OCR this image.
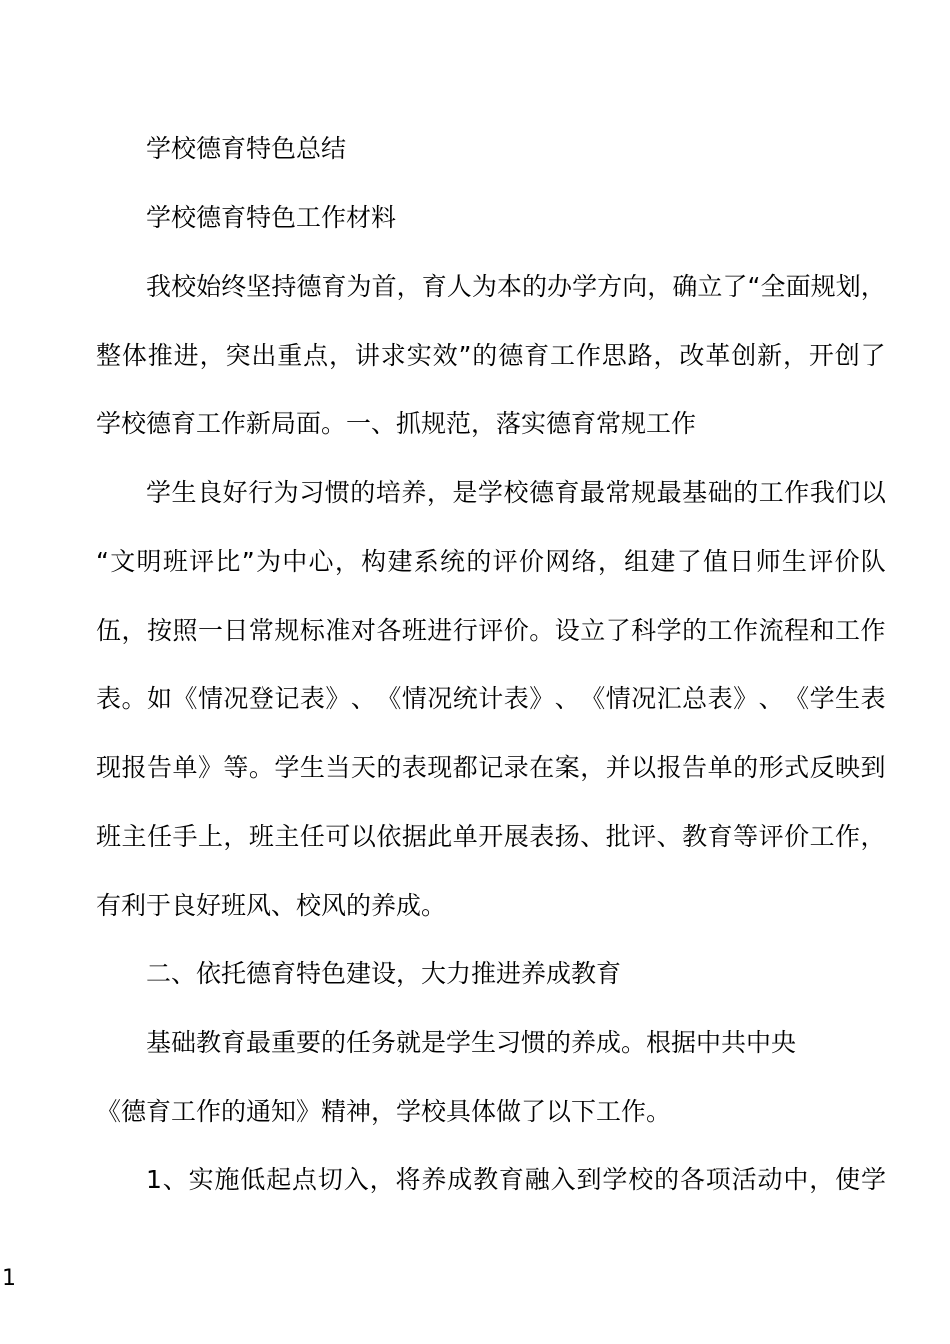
学校德育特色总结
学校德育特色工作材料
我 校 始 终 坚 持 德 育 为 首 ， 育 人 为 本 的 办 学 方 向 ， 确 立 了 “ 全 面 规 划 ，
整 体 推 进 ， 突 出 重 点 ， 讲 求 实 效 ” 的 德 育 工 作 思 路 ， 改 革 创 新 ， 开 创 了
学校德育工作新局面。一、抓规范，落实德育常规工作
学 生 良 好 行 为 习 惯 的 培 养 ， 是 学 校 德 育 最 常 规 最 基 础 的 工 作 我 们 以
“ 文 明 班 评 比 ” 为 中 心 ， 构 建 系 统 的 评 价 网 络 ， 组 建 了 值 日 师 生 评 价 队
伍 ， 按 照 一 日 常 规 标 准 对 各 班 进 行 评 价 。 设 立 了 科 学 的 工 作 流 程 和 工 作
表 。 如 《 情 况 登 记 表 》 、 《 情 况 统 计 表 》 、 《 情 况 汇 总 表 》 、 《 学 生 表
现 报 告 单 》 等 。 学 生 当 天 的 表 现 都 记 录 在 案 ， 并 以 报 告 单 的 形 式 反 映 到
班 主 任 手 上 ， 班 主 任 可 以 依 据 此 单 开 展 表 扬 、 批 评 、 教 育 等 评 价 工 作 ，
有利于良好班风、校风的养成。
二、依托德育特色建设，大力推进养成教育
基础教育最重要的任务就是学生习惯的养成。根据中共中央
《德育工作的通知》精神，学校具体做了以下工作。
1 、 实 施 低 起 点 切 入 ， 将 养 成 教 育 融 入 到 学 校 的 各 项 活 动 中 ， 使 学
1
